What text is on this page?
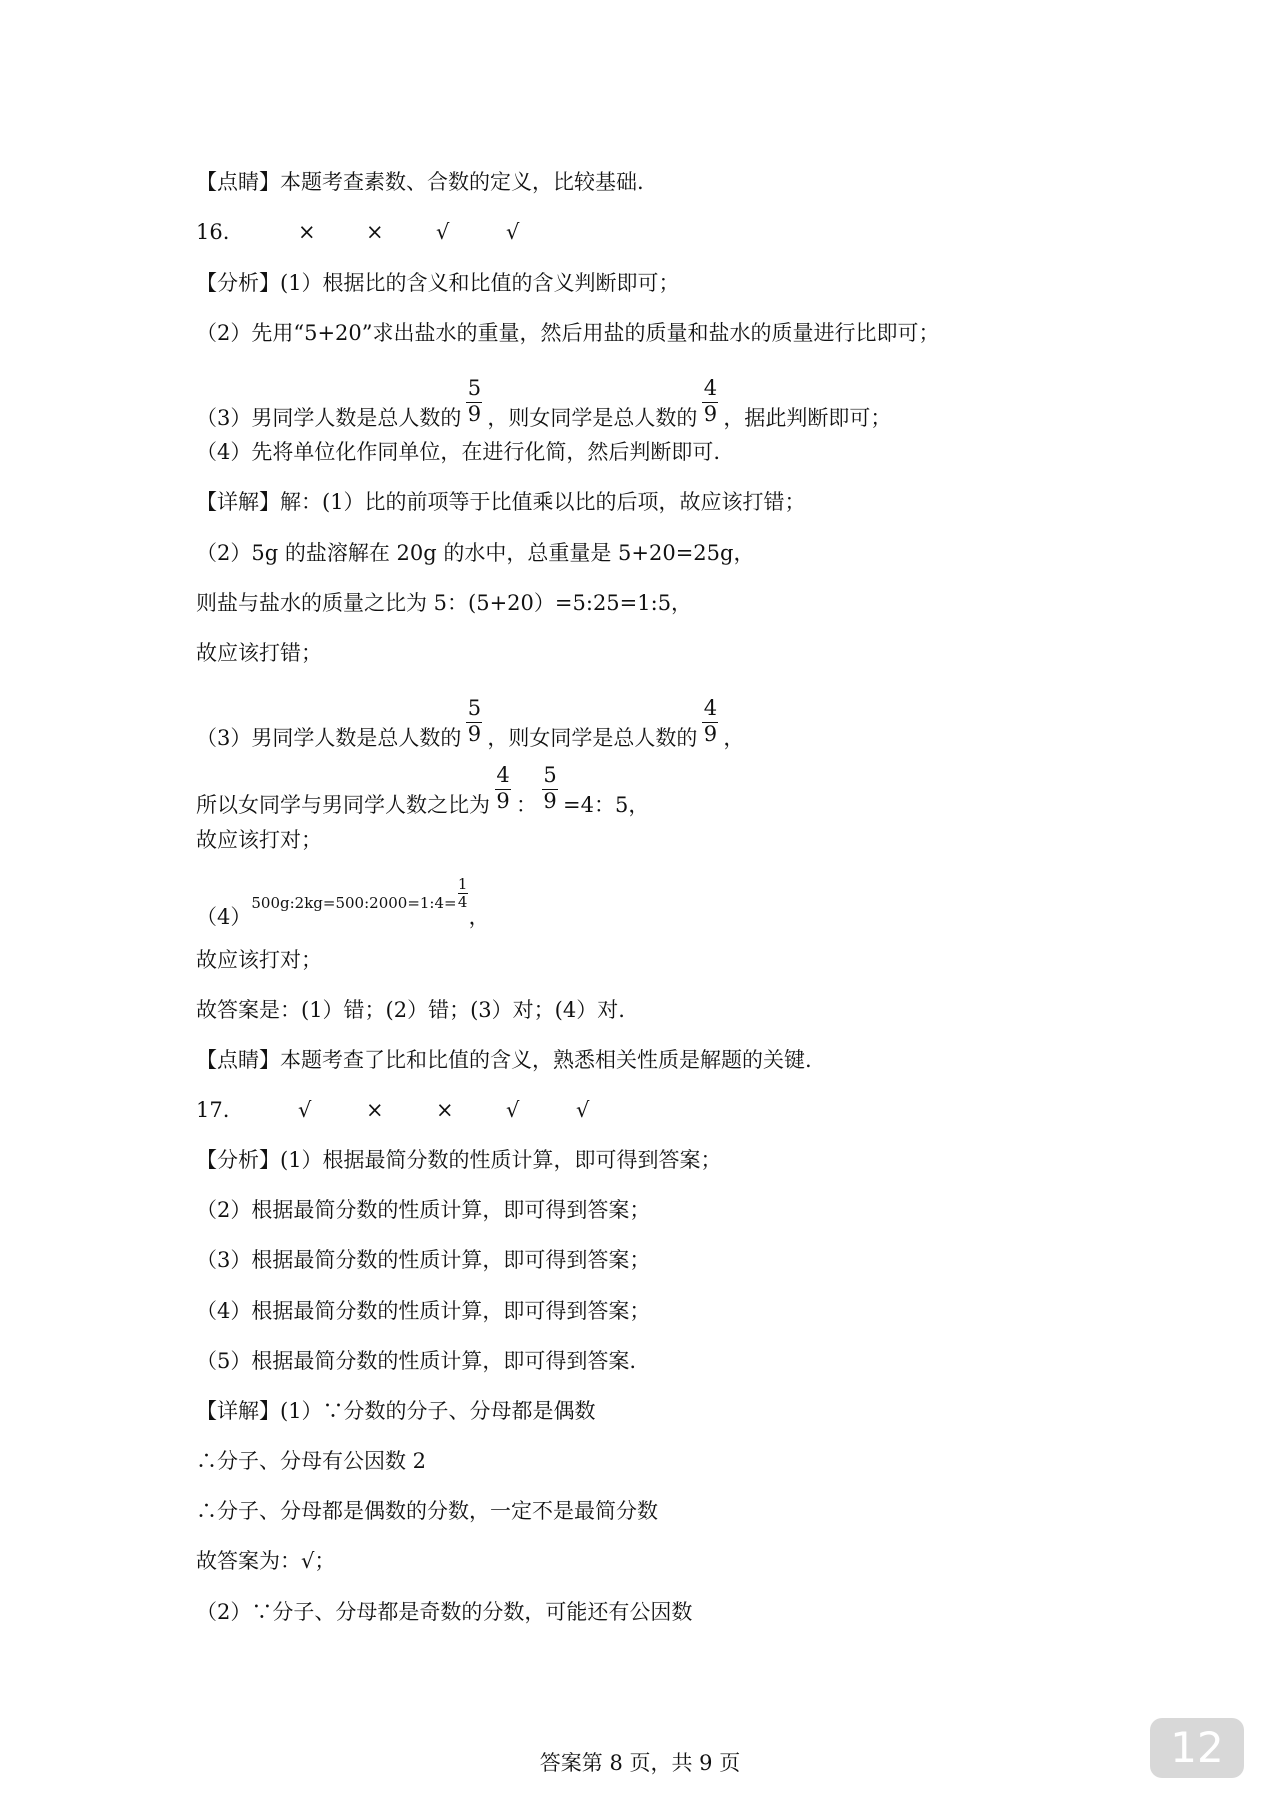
【点睛】本题考查素数、合数的定义，比较基础.
16.	× × √	√
【分析】(1）根据比的含义和比值的含义判断即可；
（2）先用“5+20”求出盐水的重量，然后用盐的质量和盐水的质量进行比即可；
（3）男同学人数是总人数的 $\frac{5}{9}$ ，则女同学是总人数的 $\frac{4}{9}$ ，据此判断即可；
（4）先将单位化作同单位，在进行化简，然后判断即可.
【详解】解：(1）比的前项等于比值乘以比的后项，故应该打错；
（2）5g 的盐溶解在 20g 的水中，总重量是 5+20=25g，
则盐与盐水的质量之比为 5：(5+20）=5:25=1:5，
故应该打错；
（3）男同学人数是总人数的 $\frac{5}{9}$ ，则女同学是总人数的 $\frac{4}{9}$ ，
所以女同学与男同学人数之比为 $\frac{4}{9}$ ： $\frac{5}{9} =4$：5，
故应该打对；
（4）500g:2kg=500:2000=1:4= $\frac{1}{4}$
，
故应该打对；
故答案是：(1）错；(2）错；(3）对；(4）对.
【点睛】本题考查了比和比值的含义，熟悉相关性质是解题的关键.
17.	√	× × √	√
【分析】(1）根据最简分数的性质计算，即可得到答案；
（2）根据最简分数的性质计算，即可得到答案；
（3）根据最简分数的性质计算，即可得到答案；
（4）根据最简分数的性质计算，即可得到答案；
（5）根据最简分数的性质计算，即可得到答案.
【详解】(1）∵分数的分子、分母都是偶数
∴分子、分母有公因数 2
∴分子、分母都是偶数的分数，一定不是最简分数
故答案为：√；
（2）∵分子、分母都是奇数的分数，可能还有公因数
答案第 8 页，共 9 页	12
